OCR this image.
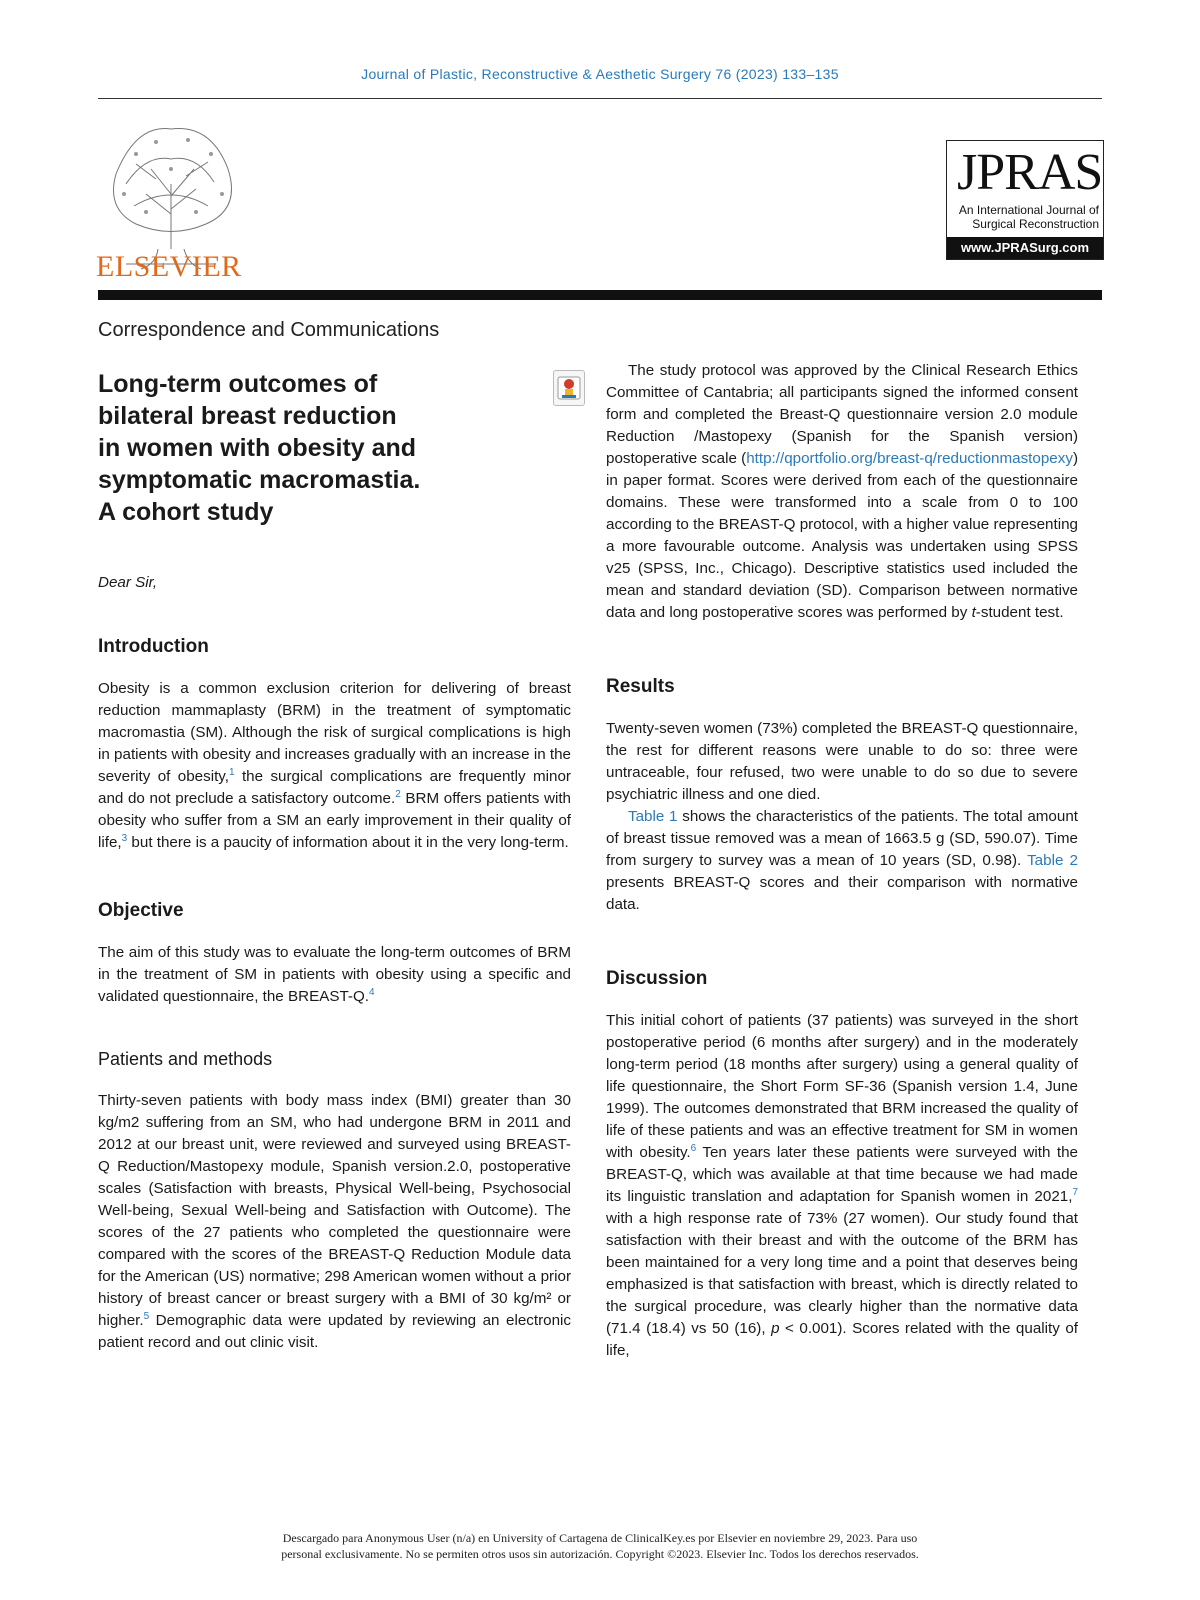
Journal of Plastic, Reconstructive & Aesthetic Surgery 76 (2023) 133–135
ELSEVIER
JPRAS
An International Journal of
Surgical Reconstruction
www.JPRASurg.com
Correspondence and Communications
Long-term outcomes of
bilateral breast reduction
in women with obesity and
symptomatic macromastia.
A cohort study

Dear Sir,

Introduction

Obesity is a common exclusion criterion for delivering of breast reduction mammaplasty (BRM) in the treatment of symptomatic macromastia (SM). Although the risk of surgical complications is high in patients with obesity and increases gradually with an increase in the severity of obesity,$^1$ the surgical complications are frequently minor and do not preclude a satisfactory outcome.$^2$ BRM offers patients with obesity who suffer from a SM an early improvement in their quality of life,$^3$ but there is a paucity of information about it in the very long-term.

Objective

The aim of this study was to evaluate the long-term outcomes of BRM in the treatment of SM in patients with obesity using a specific and validated questionnaire, the BREAST-Q.$^4$

Patients and methods

Thirty-seven patients with body mass index (BMI) greater than 30 kg/m2 suffering from an SM, who had undergone BRM in 2011 and 2012 at our breast unit, were reviewed and surveyed using BREAST-Q Reduction/Mastopexy module, Spanish version.2.0, postoperative scales (Satisfaction with breasts, Physical Well-being, Psychosocial Well-being, Sexual Well-being and Satisfaction with Outcome). The scores of the 27 patients who completed the questionnaire were compared with the scores of the BREAST-Q Reduction Module data for the American (US) normative; 298 American women without a prior history of breast cancer or breast surgery with a BMI of 30 kg/m² or higher.$^5$ Demographic data were updated by reviewing an electronic patient record and out clinic visit.

The study protocol was approved by the Clinical Research Ethics Committee of Cantabria; all participants signed the informed consent form and completed the Breast-Q questionnaire version 2.0 module Reduction /Mastopexy (Spanish for the Spanish version) postoperative scale (http://qportfolio.org/breast-q/reductionmastopexy) in paper format. Scores were derived from each of the questionnaire domains. These were transformed into a scale from 0 to 100 according to the BREAST-Q protocol, with a higher value representing a more favourable outcome. Analysis was undertaken using SPSS v25 (SPSS, Inc., Chicago). Descriptive statistics used included the mean and standard deviation (SD). Comparison between normative data and long postoperative scores was performed by t-student test.

Results

Twenty-seven women (73%) completed the BREAST-Q questionnaire, the rest for different reasons were unable to do so: three were untraceable, four refused, two were unable to do so due to severe psychiatric illness and one died.

Table 1 shows the characteristics of the patients. The total amount of breast tissue removed was a mean of 1663.5 g (SD, 590.07). Time from surgery to survey was a mean of 10 years (SD, 0.98). Table 2 presents BREAST-Q scores and their comparison with normative data.

Discussion

This initial cohort of patients (37 patients) was surveyed in the short postoperative period (6 months after surgery) and in the moderately long-term period (18 months after surgery) using a general quality of life questionnaire, the Short Form SF-36 (Spanish version 1.4, June 1999). The outcomes demonstrated that BRM increased the quality of life of these patients and was an effective treatment for SM in women with obesity.$^6$ Ten years later these patients were surveyed with the BREAST-Q, which was available at that time because we had made its linguistic translation and adaptation for Spanish women in 2021,$^7$ with a high response rate of 73% (27 women). Our study found that satisfaction with their breast and with the outcome of the BRM has been maintained for a very long time and a point that deserves being emphasized is that satisfaction with breast, which is directly related to the surgical procedure, was clearly higher than the normative data (71.4 (18.4) vs 50 (16), p < 0.001). Scores related with the quality of life,

Descargado para Anonymous User (n/a) en University of Cartagena de ClinicalKey.es por Elsevier en noviembre 29, 2023. Para uso
personal exclusivamente. No se permiten otros usos sin autorización. Copyright ©2023. Elsevier Inc. Todos los derechos reservados.
